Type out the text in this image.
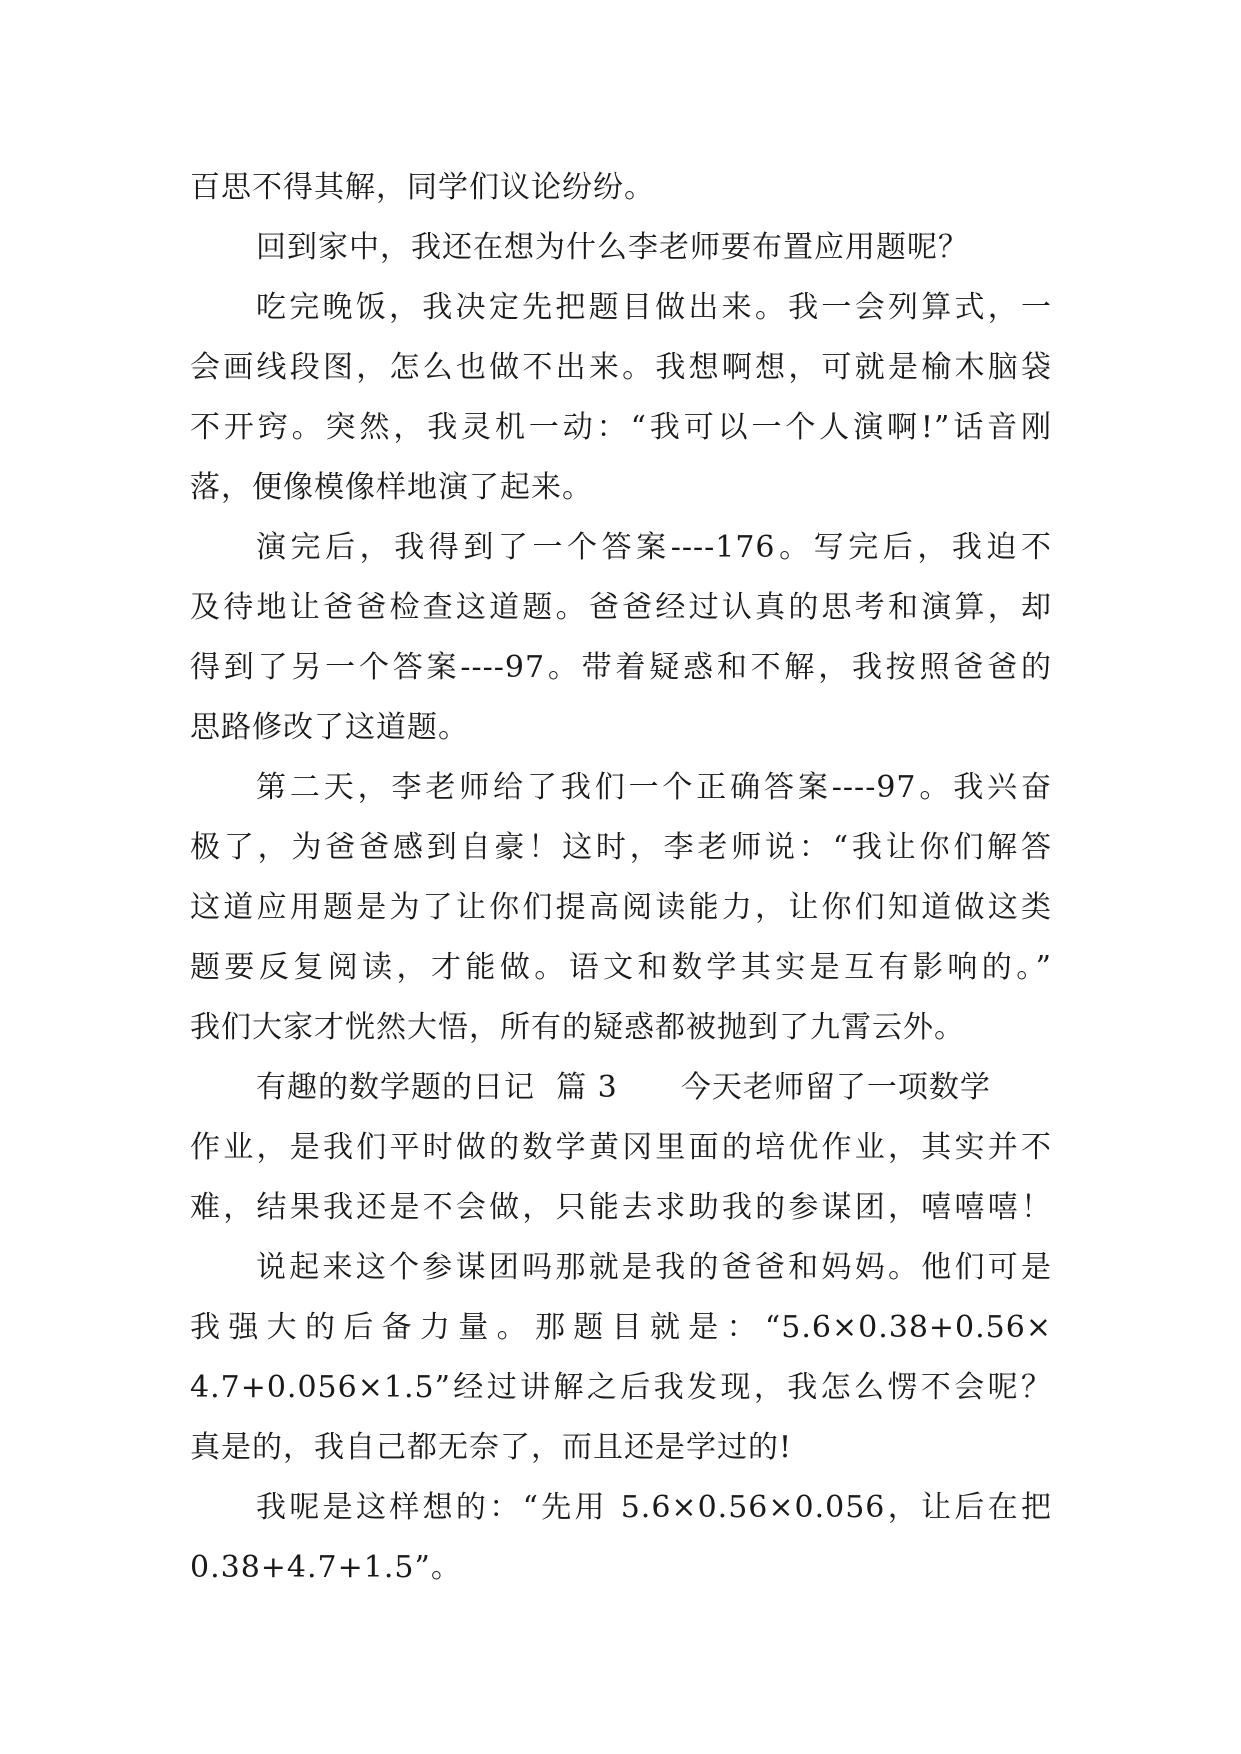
百思不得其解，同学们议论纷纷。
回到家中，我还在想为什么李老师要布置应用题呢？
吃完晚饭，我决定先把题目做出来。我一会列算式，一
会画线段图，怎么也做不出来。我想啊想，可就是榆木脑袋
不开窍。突然，我灵机一动：“我可以一个人演啊!”话音刚
落，便像模像样地演了起来。
演完后，我得到了一个答案----176。写完后，我迫不
及待地让爸爸检查这道题。爸爸经过认真的思考和演算，却
得到了另一个答案----97。带着疑惑和不解，我按照爸爸的
思路修改了这道题。
第二天，李老师给了我们一个正确答案----97。我兴奋
极了，为爸爸感到自豪！这时，李老师说：“我让你们解答
这道应用题是为了让你们提高阅读能力，让你们知道做这类
题要反复阅读，才能做。语文和数学其实是互有影响的。”
我们大家才恍然大悟，所有的疑惑都被抛到了九霄云外。
有趣的数学题的日记  篇 3      今天老师留了一项数学
作业，是我们平时做的数学黄冈里面的培优作业，其实并不
难，结果我还是不会做，只能去求助我的参谋团，嘻嘻嘻！
说起来这个参谋团吗那就是我的爸爸和妈妈。他们可是
我强大的后备力量。那题目就是：“5.6×0.38+0.56×
4.7+0.056×1.5”经过讲解之后我发现，我怎么愣不会呢？
真是的，我自己都无奈了，而且还是学过的!
我呢是这样想的：“先用 5.6×0.56×0.056，让后在把
0.38+4.7+1.5”。
